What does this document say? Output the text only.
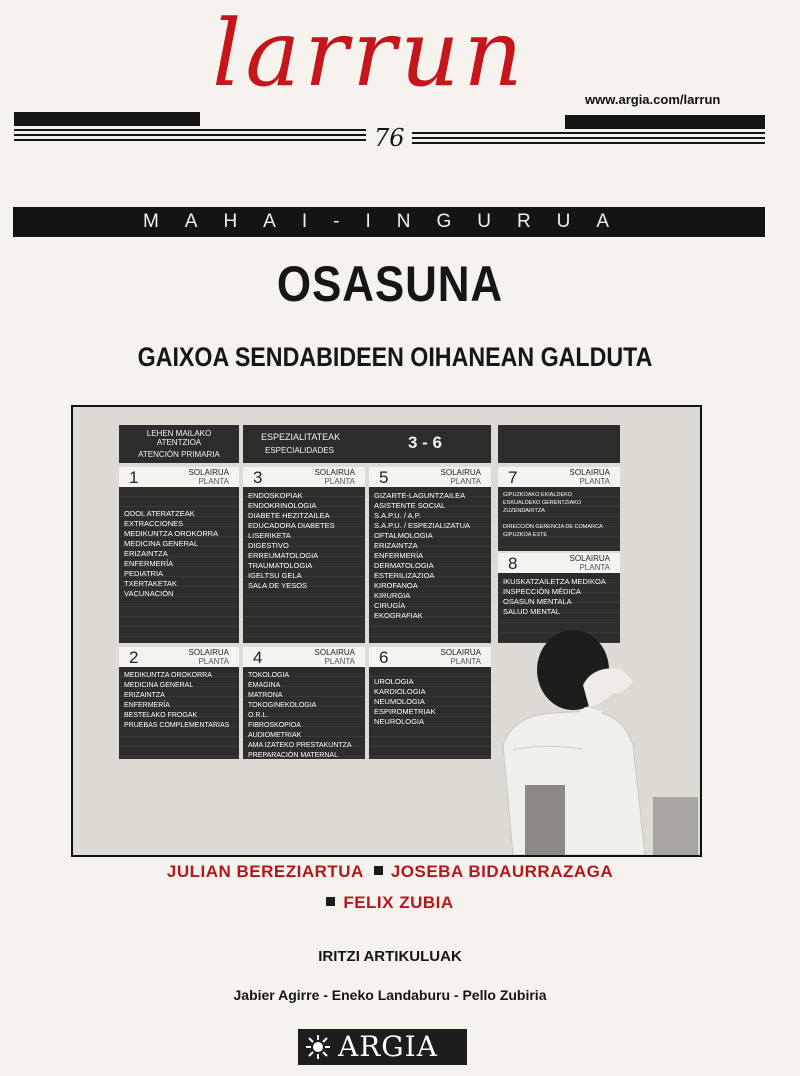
larrun	www.argia.com/larrun
76
MAHAI-INGURUA
OSASUNA
GAIXOA SENDABIDEEN OIHANEAN GALDUTA
LEHEN MAILAKO
ATENTZIOA
ATENCIÓN PRIMARIA
ESPEZIALITATEAK
ESPECIALIDADES	3 - 6
1	SOLAIRUA
PLANTA
ODOL ATERATZEAK
EXTRACCIONES
MEDIKUNTZA OROKORRA
MEDICINA GENERAL
ERIZAINTZA
ENFERMERÍA
PEDIATRIA
TXERTAKETAK
VACUNACIÓN
3	SOLAIRUA
PLANTA
ENDOSKOPIAK
ENDOKRINOLOGIA
DIABETE HEZITZAILEA
EDUCADORA DIABETES
LISERIKETA
DIGESTIVO
ERREUMATOLOGIA
TRAUMATOLOGIA
IGELTSU GELA
SALA DE YESOS
5	SOLAIRUA
PLANTA
GIZARTE-LAGUNTZAILEA
ASISTENTE SOCIAL
S.A.P.U. / A.P.
S.A.P.U. / ESPEZIALIZATUA
OFTALMOLOGIA
ERIZAINTZA
ENFERMERÍA
DERMATOLOGIA
ESTERILIZAZIOA
KIROFANOA
KIRURGIA
CIRUGÍA
EKOGRAFIAK
7	SOLAIRUA
PLANTA
GIPUZKOAKO EKIALDEKO
ESKUALDEKO GERENTZIAKO
ZUZENDARITZA
DIRECCIÓN GERENCIA DE COMARCA
GIPUZKOA ESTE
8	SOLAIRUA
PLANTA
IKUSKATZAILETZA MEDIKOA
INSPECCIÓN MÉDICA
OSASUN MENTALA
SALUD MENTAL
2	SOLAIRUA
PLANTA
MEDIKUNTZA OROKORRA
MEDICINA GENERAL
ERIZAINTZA
ENFERMERÍA
BESTELAKO FROGAK
PRUEBAS COMPLEMENTARIAS
4	SOLAIRUA
PLANTA
TOKOLOGIA
EMAGINA
MATRONA
TOKOGINEKOLOGIA
O.R.L.
FIBROSKOPIOA
AUDIOMETRIAK
AMA IZATEKO PRESTAKUNTZA
PREPARACIÓN MATERNAL
6	SOLAIRUA
PLANTA
UROLOGIA
KARDIOLOGIA
NEUMOLOGIA
ESPIROMETRIAK
NEUROLOGIA
JULIAN BEREZIARTUA JOSEBA BIDAURRAZAGA
FELIX ZUBIA
IRITZI ARTIKULUAK
Jabier Agirre - Eneko Landaburu - Pello Zubiria
ARGIA
